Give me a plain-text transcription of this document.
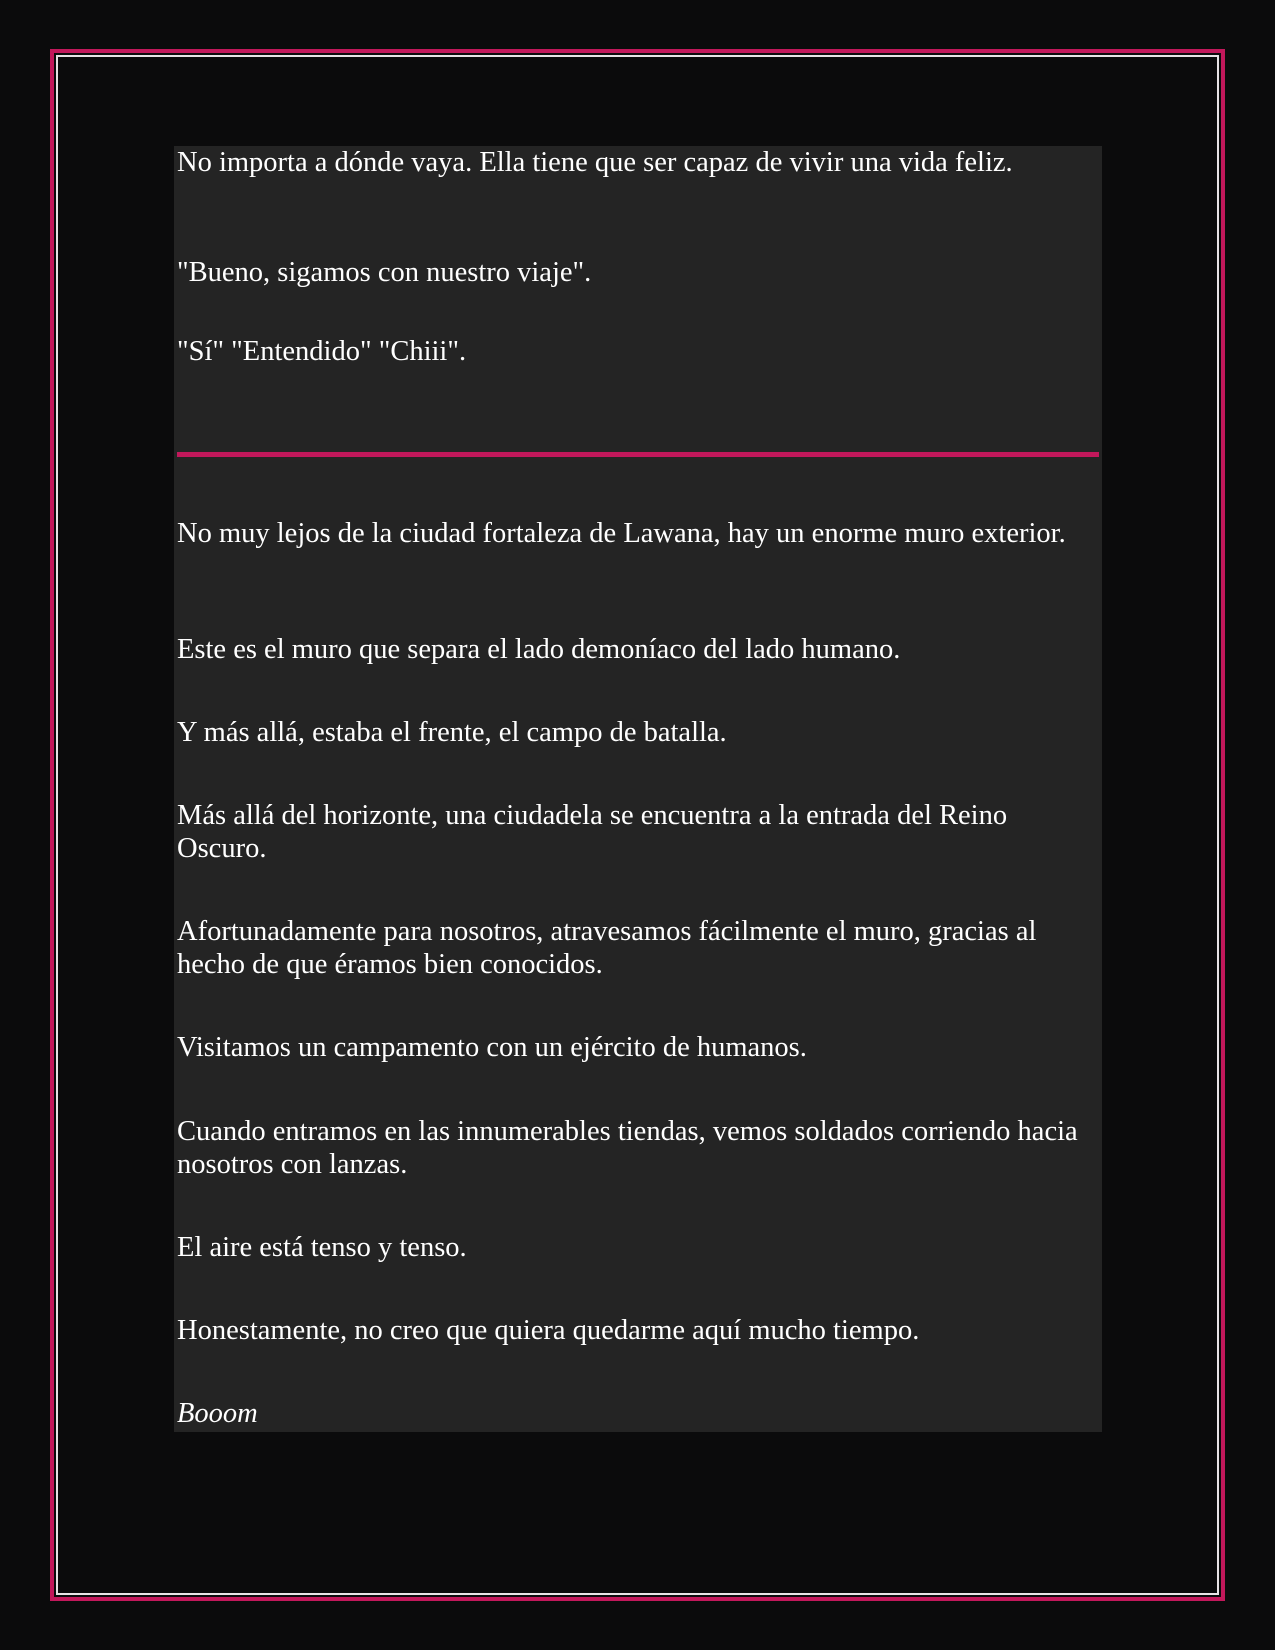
No importa a dónde vaya. Ella tiene que ser capaz de vivir una vida feliz.

"Bueno, sigamos con nuestro viaje".

"Sí" "Entendido" "Chiii".

No muy lejos de la ciudad fortaleza de Lawana, hay un enorme muro exterior.

Este es el muro que separa el lado demoníaco del lado humano.

Y más allá, estaba el frente, el campo de batalla.

Más allá del horizonte, una ciudadela se encuentra a la entrada del Reino Oscuro.

Afortunadamente para nosotros, atravesamos fácilmente el muro, gracias al hecho de que éramos bien conocidos.

Visitamos un campamento con un ejército de humanos.

Cuando entramos en las innumerables tiendas, vemos soldados corriendo hacia nosotros con lanzas.

El aire está tenso y tenso.

Honestamente, no creo que quiera quedarme aquí mucho tiempo.

Booom
